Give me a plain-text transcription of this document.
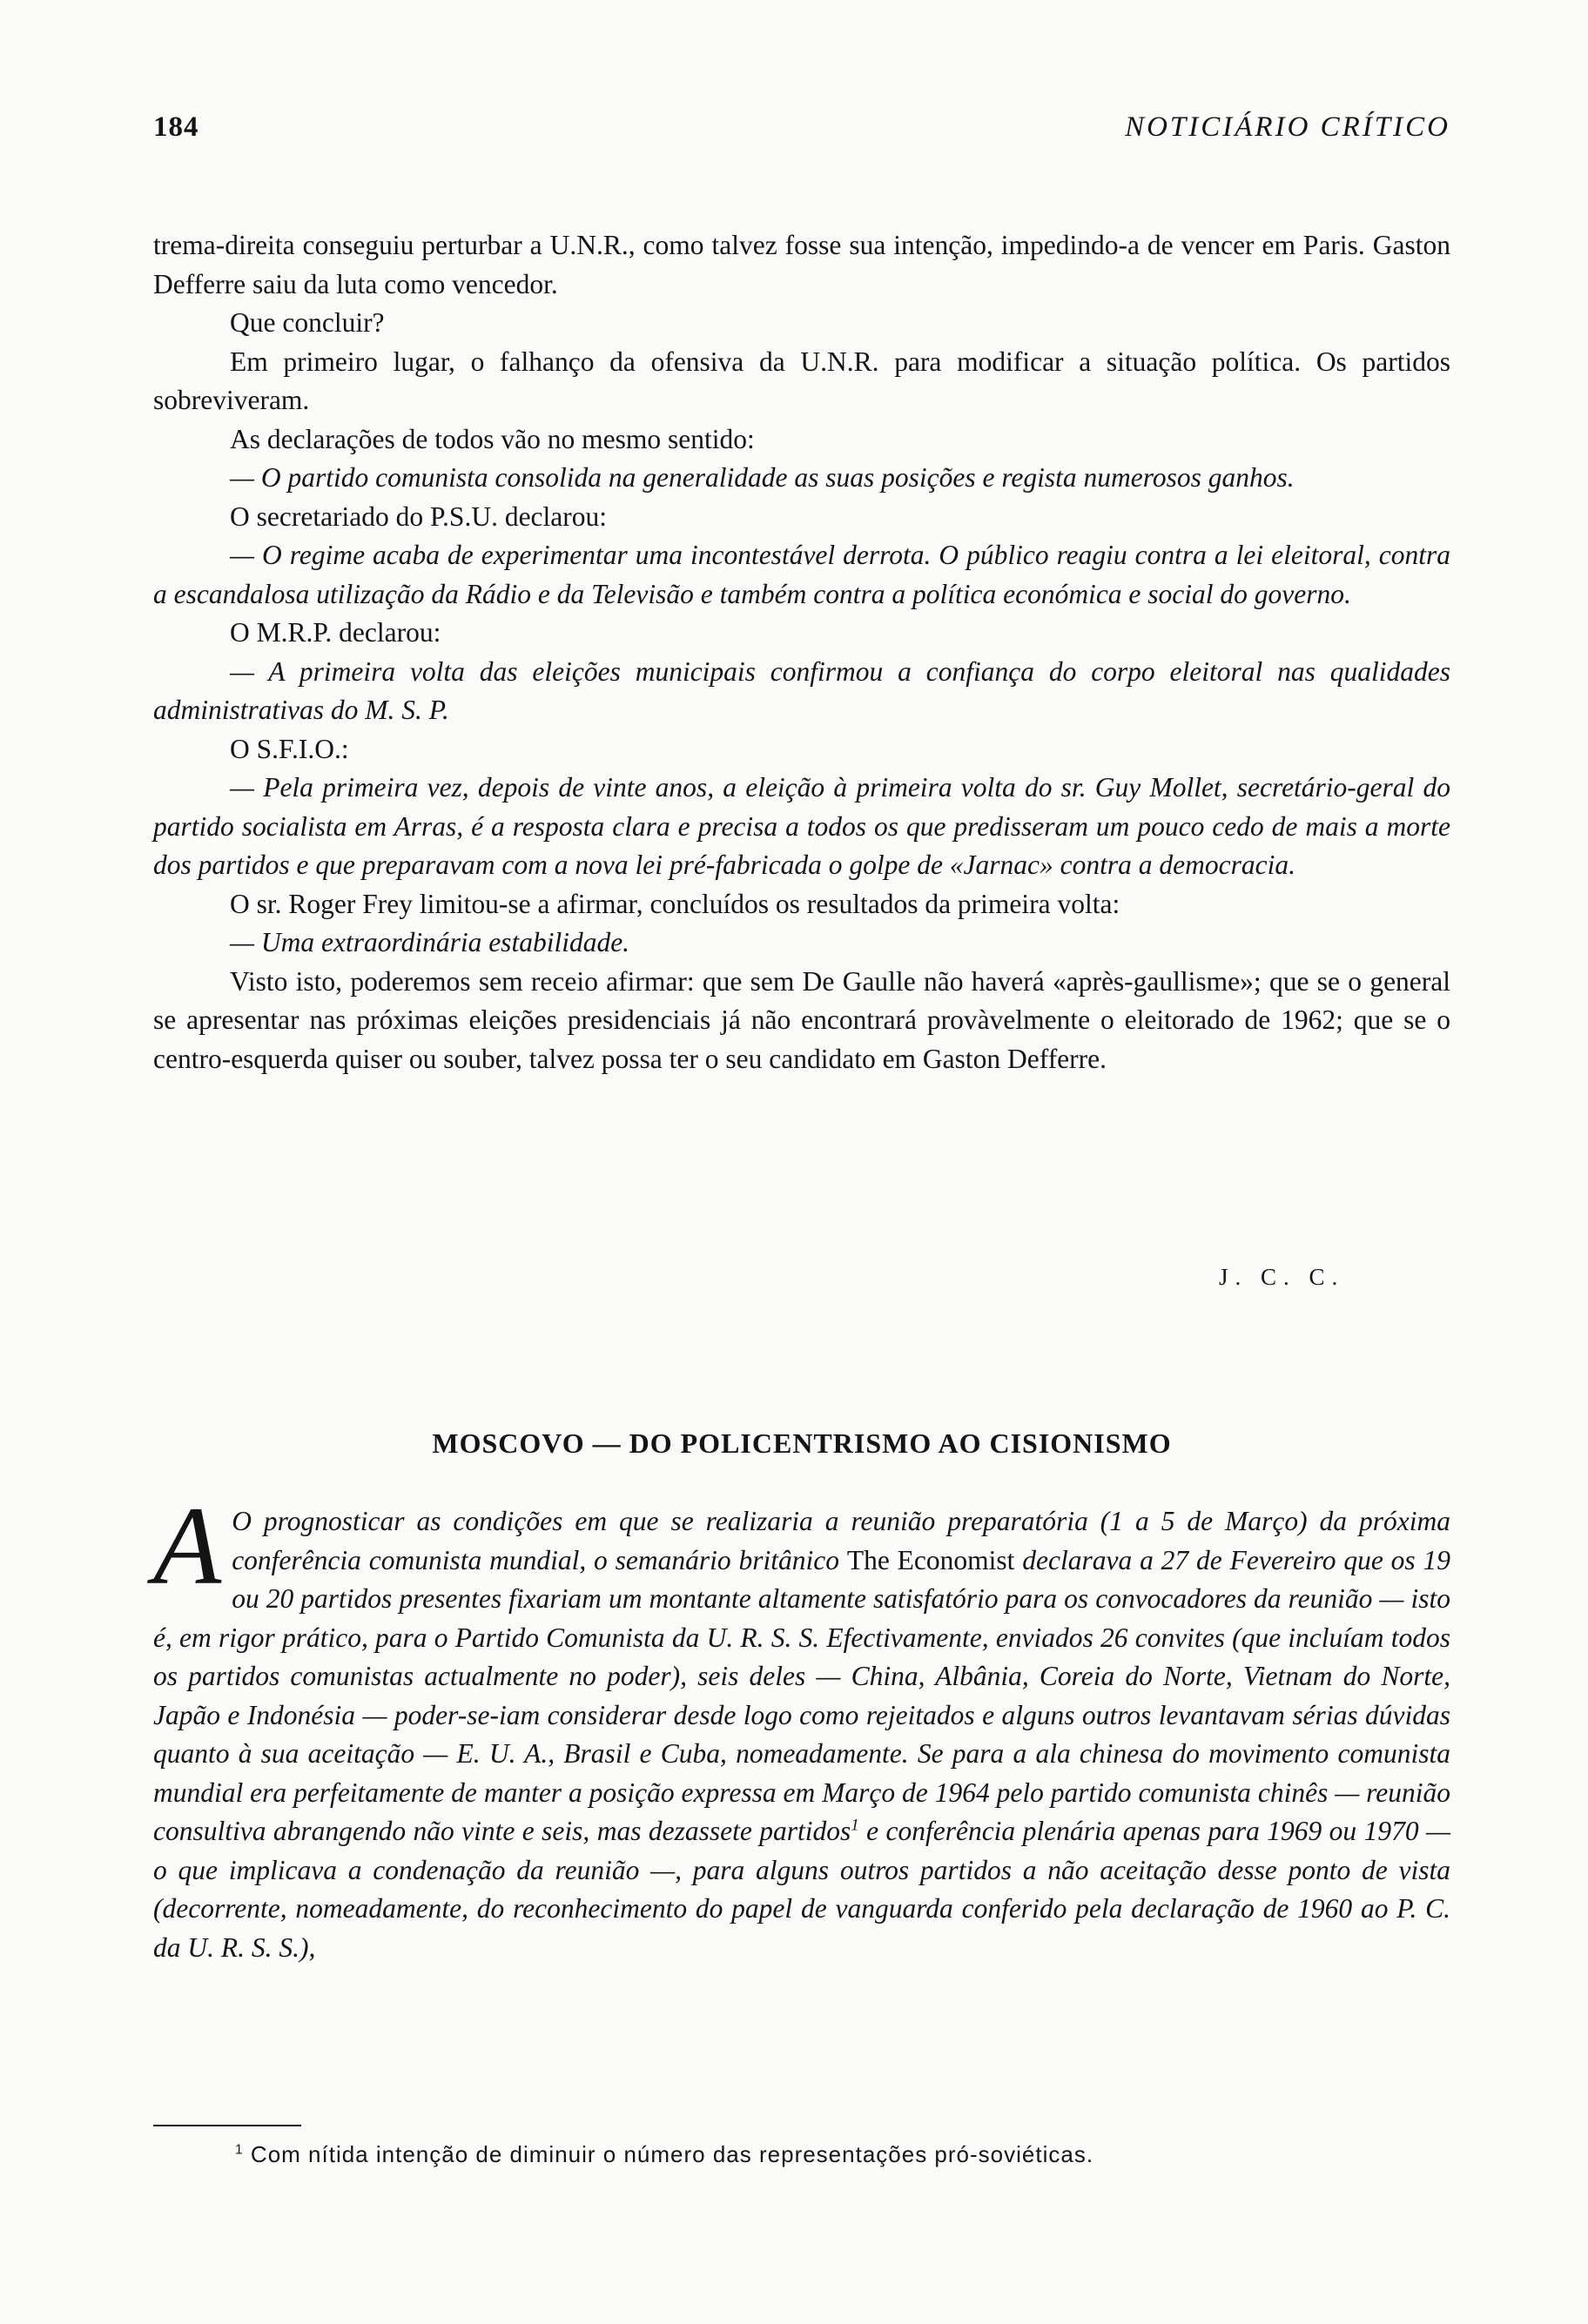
184	NOTICIÁRIO CRÍTICO

trema-direita conseguiu perturbar a U.N.R., como talvez fosse sua intenção, impedindo-a de vencer em Paris. Gaston Defferre saiu da luta como vencedor.

Que concluir?

Em primeiro lugar, o falhanço da ofensiva da U.N.R. para modificar a situação política. Os partidos sobreviveram.

As declarações de todos vão no mesmo sentido:

— O partido comunista consolida na generalidade as suas posições e regista numerosos ganhos.

O secretariado do P.S.U. declarou:

— O regime acaba de experimentar uma incontestável derrota. O público reagiu contra a lei eleitoral, contra a escandalosa utilização da Rádio e da Televisão e também contra a política económica e social do governo.

O M.R.P. declarou:

— A primeira volta das eleições municipais confirmou a confiança do corpo eleitoral nas qualidades administrativas do M. S. P.

O S.F.I.O.:

— Pela primeira vez, depois de vinte anos, a eleição à primeira volta do sr. Guy Mollet, secretário-geral do partido socialista em Arras, é a resposta clara e precisa a todos os que predisseram um pouco cedo de mais a morte dos partidos e que preparavam com a nova lei pré-fabricada o golpe de «Jarnac» contra a democracia.

O sr. Roger Frey limitou-se a afirmar, concluídos os resultados da primeira volta:

— Uma extraordinária estabilidade.

Visto isto, poderemos sem receio afirmar: que sem De Gaulle não haverá «après-gaullisme»; que se o general se apresentar nas próximas eleições presidenciais já não encontrará provàvelmente o eleitorado de 1962; que se o centro-esquerda quiser ou souber, talvez possa ter o seu candidato em Gaston Defferre.

J. C. C.
MOSCOVO — DO POLICENTRISMO AO CISIONISMO

A O prognosticar as condições em que se realizaria a reunião preparatória (1 a 5 de Março) da próxima conferência comunista mundial, o semanário britânico The Economist declarava a 27 de Fevereiro que os 19 ou 20 partidos presentes fixariam um montante altamente satisfatório para os convocadores da reunião — isto é, em rigor prático, para o Partido Comunista da U. R. S. S. Efectivamente, enviados 26 convites (que incluíam todos os partidos comunistas actualmente no poder), seis deles — China, Albânia, Coreia do Norte, Vietnam do Norte, Japão e Indonésia — poder-se-iam considerar desde logo como rejeitados e alguns outros levantavam sérias dúvidas quanto à sua aceitação — E. U. A., Brasil e Cuba, nomeadamente. Se para a ala chinesa do movimento comunista mundial era perfeitamente de manter a posição expressa em Março de 1964 pelo partido comunista chinês — reunião consultiva abrangendo não vinte e seis, mas dezassete partidos$^1$ e conferência plenária apenas para 1969 ou 1970 — o que implicava a condenação da reunião —, para alguns outros partidos a não aceitação desse ponto de vista (decorrente, nomeadamente, do reconhecimento do papel de vanguarda conferido pela declaração de 1960 ao P. C. da U. R. S. S.),

$^1$ Com nítida intenção de diminuir o número das representações pró-soviéticas.
